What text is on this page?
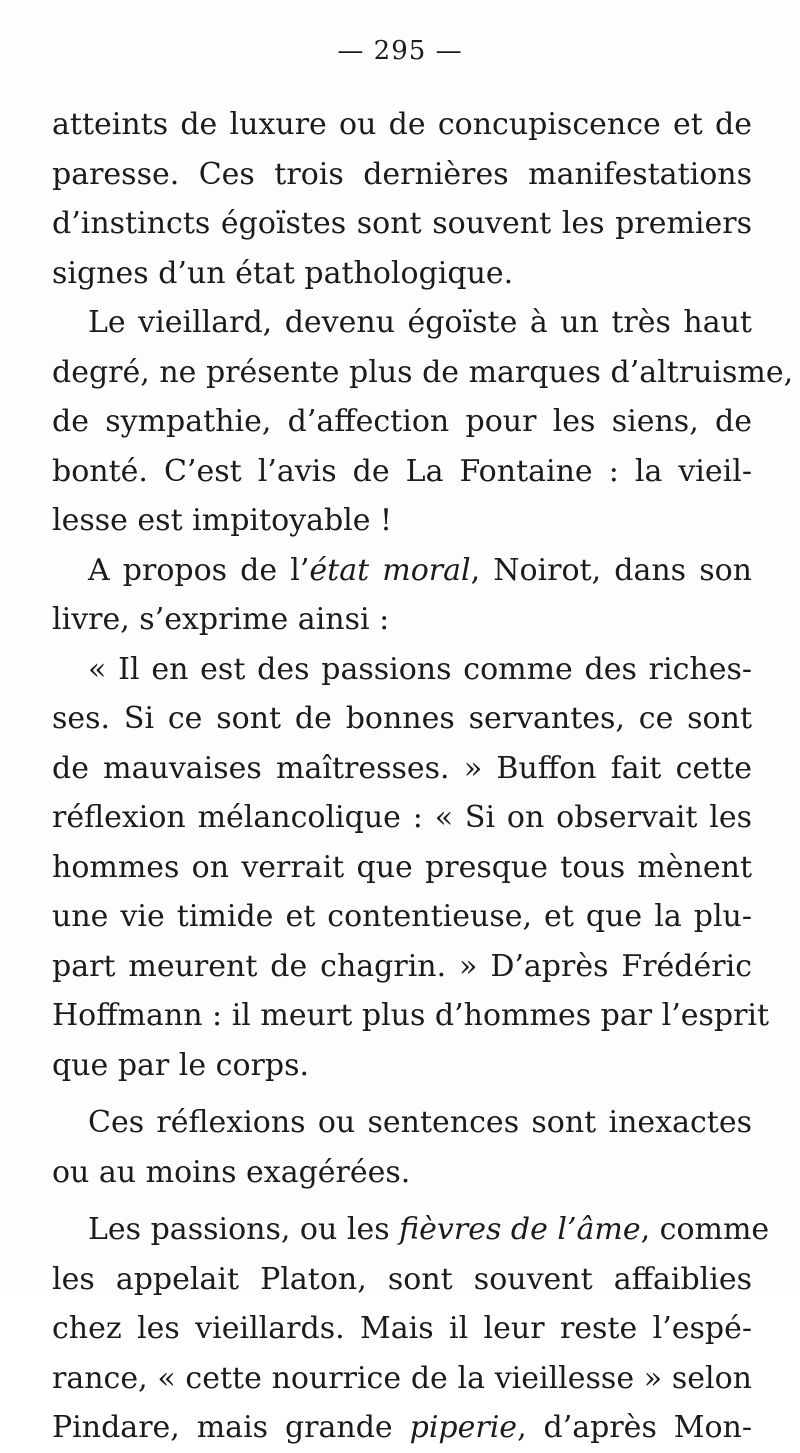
— 295 —
atteints de luxure ou de concupiscence et de
paresse. Ces trois dernières manifestations
d’instincts égoïstes sont souvent les premiers
signes d’un état pathologique.
Le vieillard, devenu égoïste à un très haut
degré, ne présente plus de marques d’altruisme,
de sympathie, d’affection pour les siens, de
bonté. C’est l’avis de La Fontaine : la vieil-
lesse est impitoyable !
A propos de l’état moral, Noirot, dans son
livre, s’exprime ainsi :
« Il en est des passions comme des riches-
ses. Si ce sont de bonnes servantes, ce sont
de mauvaises maîtresses. » Buffon fait cette
réflexion mélancolique : « Si on observait les
hommes on verrait que presque tous mènent
une vie timide et contentieuse, et que la plu-
part meurent de chagrin. » D’après Frédéric
Hoffmann : il meurt plus d’hommes par l’esprit
que par le corps.
Ces réflexions ou sentences sont inexactes
ou au moins exagérées.
Les passions, ou les fièvres de l’âme, comme
les appelait Platon, sont souvent affaiblies
chez les vieillards. Mais il leur reste l’espé-
rance, « cette nourrice de la vieillesse » selon
Pindare, mais grande piperie, d’après Mon-
